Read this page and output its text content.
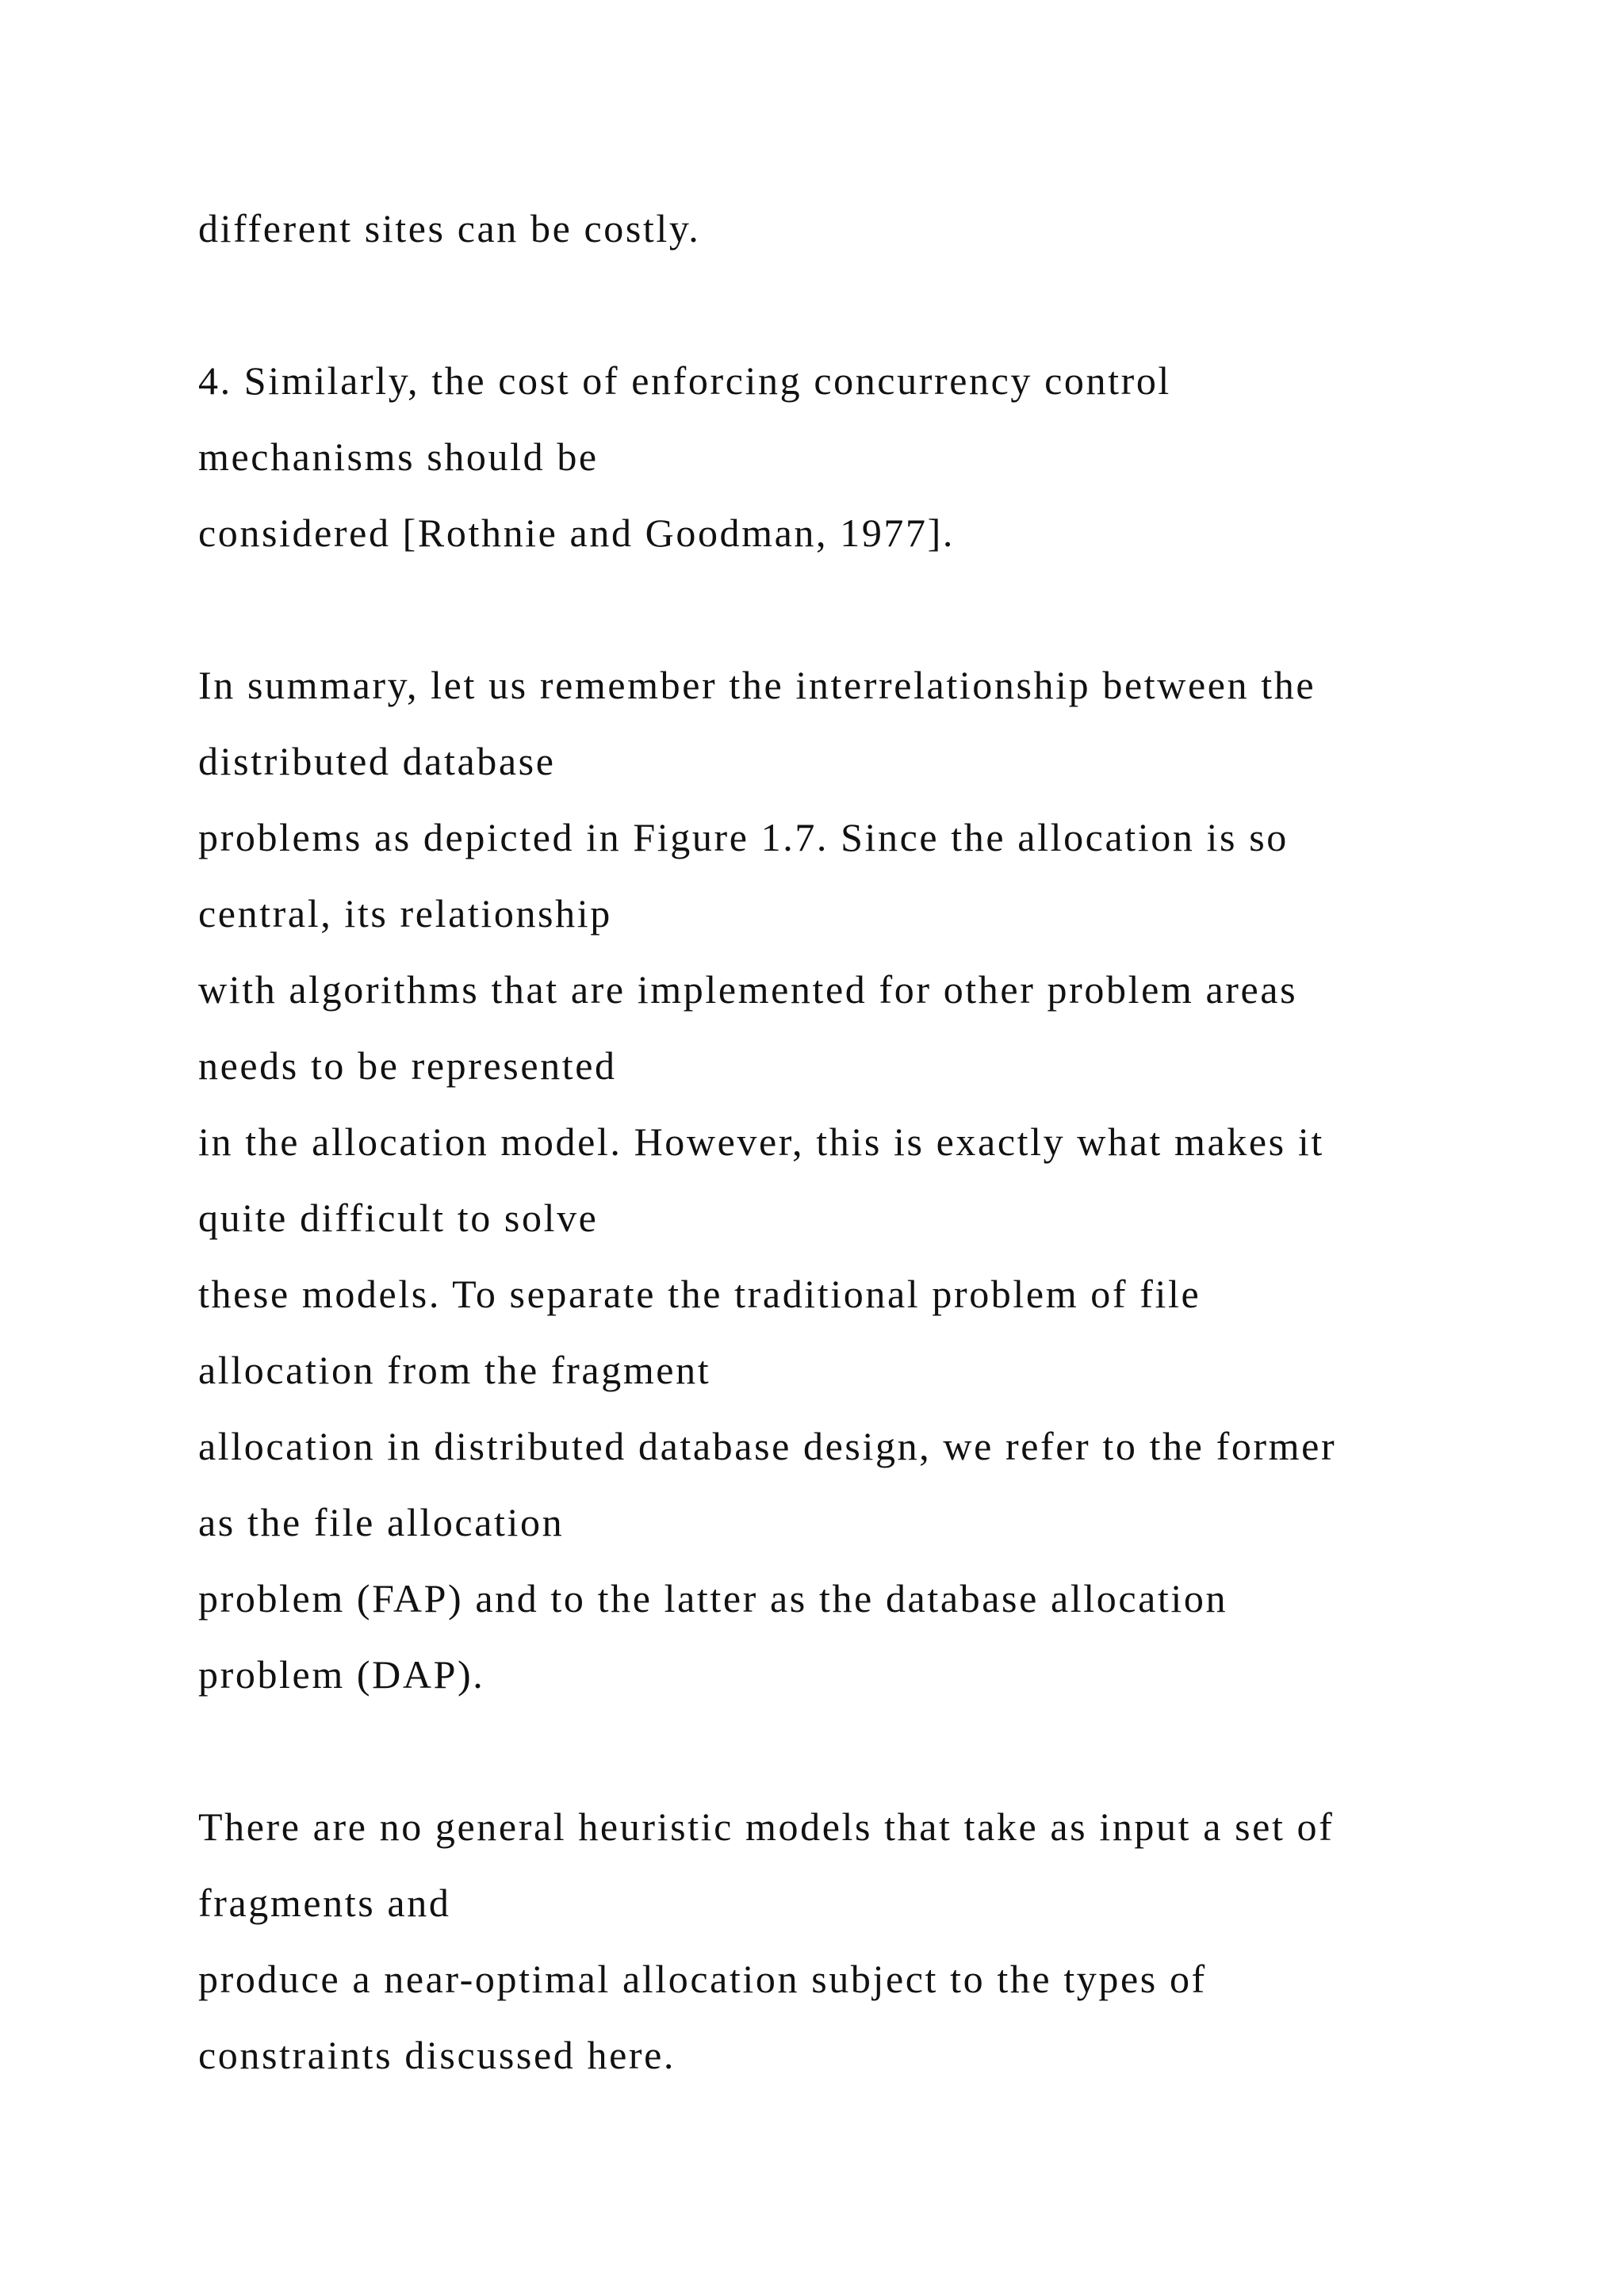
different sites can be costly.
4. Similarly, the cost of enforcing concurrency control
mechanisms should be
considered [Rothnie and Goodman, 1977].
In summary, let us remember the interrelationship between the
distributed database
problems as depicted in Figure 1.7. Since the allocation is so
central, its relationship
with algorithms that are implemented for other problem areas
needs to be represented
in the allocation model. However, this is exactly what makes it
quite difficult to solve
these models. To separate the traditional problem of file
allocation from the fragment
allocation in distributed database design, we refer to the former
as the file allocation
problem (FAP) and to the latter as the database allocation
problem (DAP).
There are no general heuristic models that take as input a set of
fragments and
produce a near-optimal allocation subject to the types of
constraints discussed here.
